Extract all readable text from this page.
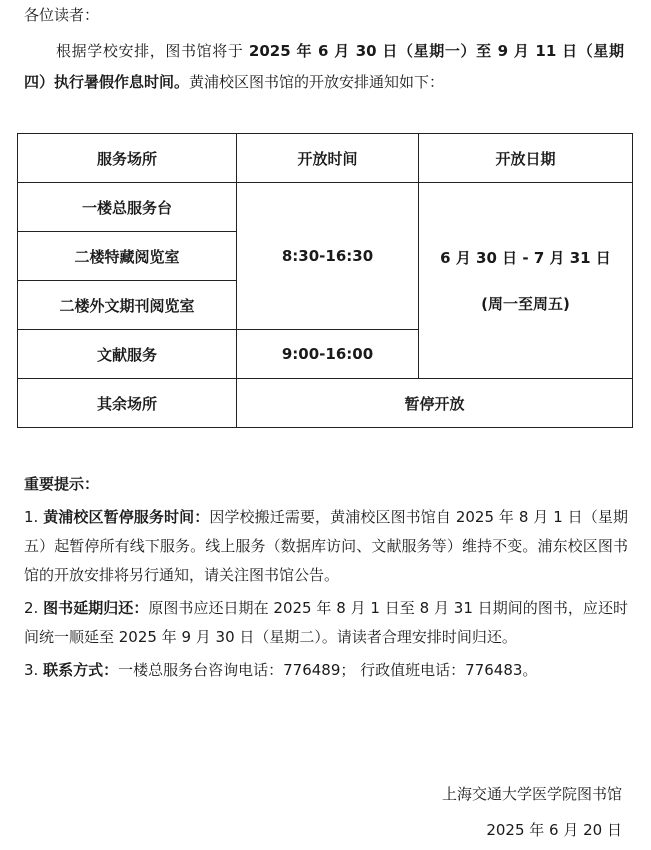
各位读者：
根据学校安排，图书馆将于 2025 年 6 月 30 日（星期一）至 9 月 11 日（星期四）执行暑假作息时间。黄浦校区图书馆的开放安排通知如下：
服务场所	开放时间	开放日期
一楼总服务台	8:30-16:30	6 月 30 日 - 7 月 31 日
(周一至周五)

二楼特藏阅览室		
二楼外文期刊阅览室		
文献服务	9:00-16:00	
其余场所	暂停开放	
重要提示：

1. 黄浦校区暂停服务时间：因学校搬迁需要，黄浦校区图书馆自 2025 年 8 月 1 日（星期五）起暂停所有线下服务。线上服务（数据库访问、文献服务等）维持不变。浦东校区图书馆的开放安排将另行通知，请关注图书馆公告。

2. 图书延期归还：原图书应还日期在 2025 年 8 月 1 日至 8 月 31 日期间的图书，应还时间统一顺延至 2025 年 9 月 30 日（星期二）。请读者合理安排时间归还。

3. 联系方式：一楼总服务台咨询电话：776489； 行政值班电话：776483。

上海交通大学医学院图书馆
2025 年 6 月 20 日
